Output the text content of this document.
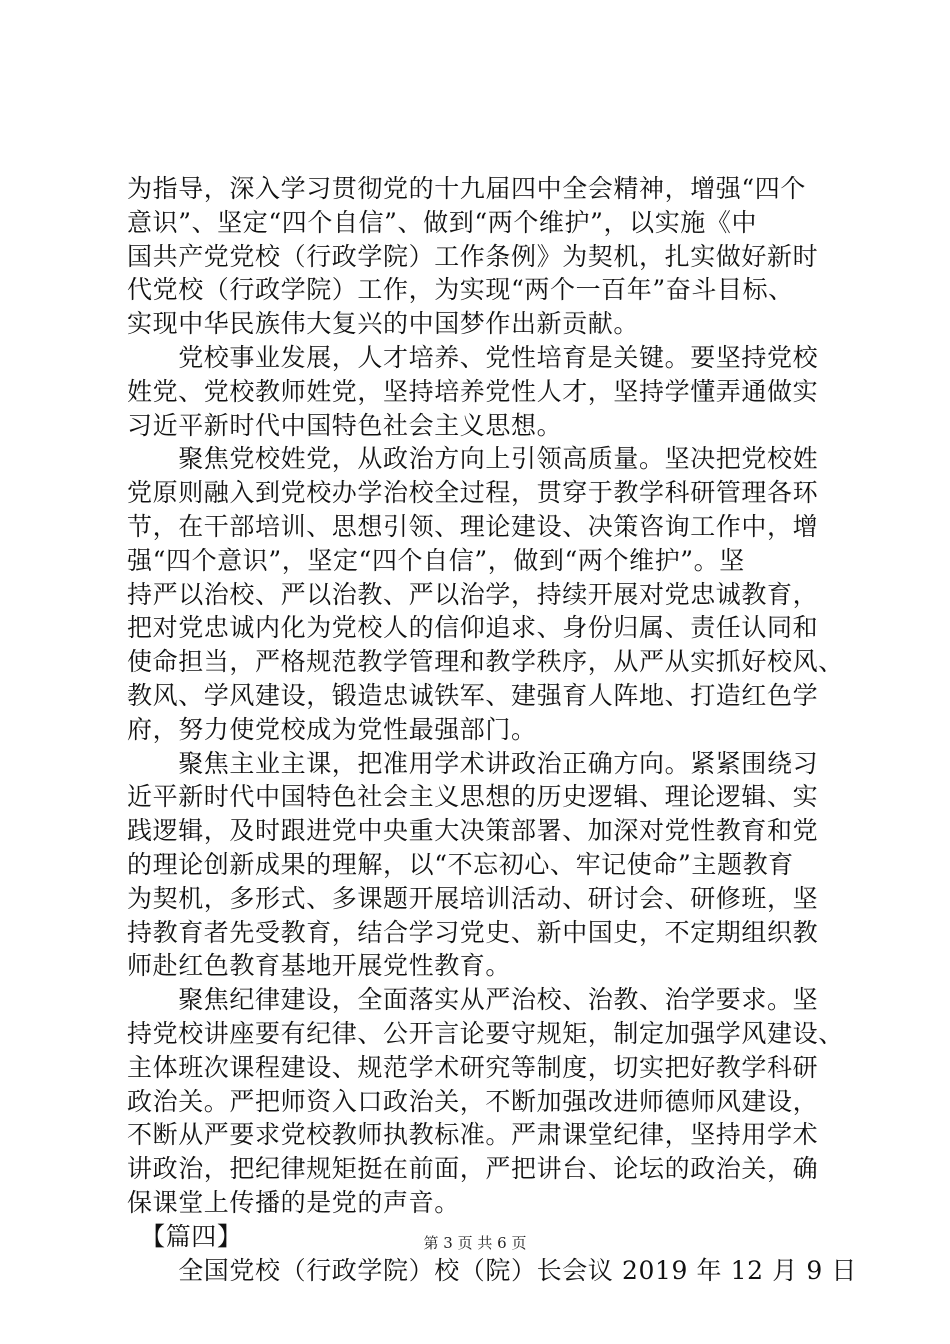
为指导，深入学习贯彻党的十九届四中全会精神，增强“四个
意识”、坚定“四个自信”、做到“两个维护”，以实施《中
国共产党党校（行政学院）工作条例》为契机，扎实做好新时
代党校（行政学院）工作，为实现“两个一百年”奋斗目标、
实现中华民族伟大复兴的中国梦作出新贡献。
　　党校事业发展，人才培养、党性培育是关键。要坚持党校
姓党、党校教师姓党，坚持培养党性人才，坚持学懂弄通做实
习近平新时代中国特色社会主义思想。
　　聚焦党校姓党，从政治方向上引领高质量。坚决把党校姓
党原则融入到党校办学治校全过程，贯穿于教学科研管理各环
节，在干部培训、思想引领、理论建设、决策咨询工作中，增
强“四个意识”，坚定“四个自信”，做到“两个维护”。坚
持严以治校、严以治教、严以治学，持续开展对党忠诚教育，
把对党忠诚内化为党校人的信仰追求、身份归属、责任认同和
使命担当，严格规范教学管理和教学秩序，从严从实抓好校风、
教风、学风建设，锻造忠诚铁军、建强育人阵地、打造红色学
府，努力使党校成为党性最强部门。
　　聚焦主业主课，把准用学术讲政治正确方向。紧紧围绕习
近平新时代中国特色社会主义思想的历史逻辑、理论逻辑、实
践逻辑，及时跟进党中央重大决策部署、加深对党性教育和党
的理论创新成果的理解，以“不忘初心、牢记使命”主题教育
为契机，多形式、多课题开展培训活动、研讨会、研修班，坚
持教育者先受教育，结合学习党史、新中国史，不定期组织教
师赴红色教育基地开展党性教育。
　　聚焦纪律建设，全面落实从严治校、治教、治学要求。坚
持党校讲座要有纪律、公开言论要守规矩，制定加强学风建设、
主体班次课程建设、规范学术研究等制度，切实把好教学科研
政治关。严把师资入口政治关，不断加强改进师德师风建设，
不断从严要求党校教师执教标准。严肃课堂纪律，坚持用学术
讲政治，把纪律规矩挺在前面，严把讲台、论坛的政治关，确
保课堂上传播的是党的声音。
　【篇四】
　　全国党校（行政学院）校（院）长会议 2019 年 12 月 9 日
第 3 页 共 6 页
